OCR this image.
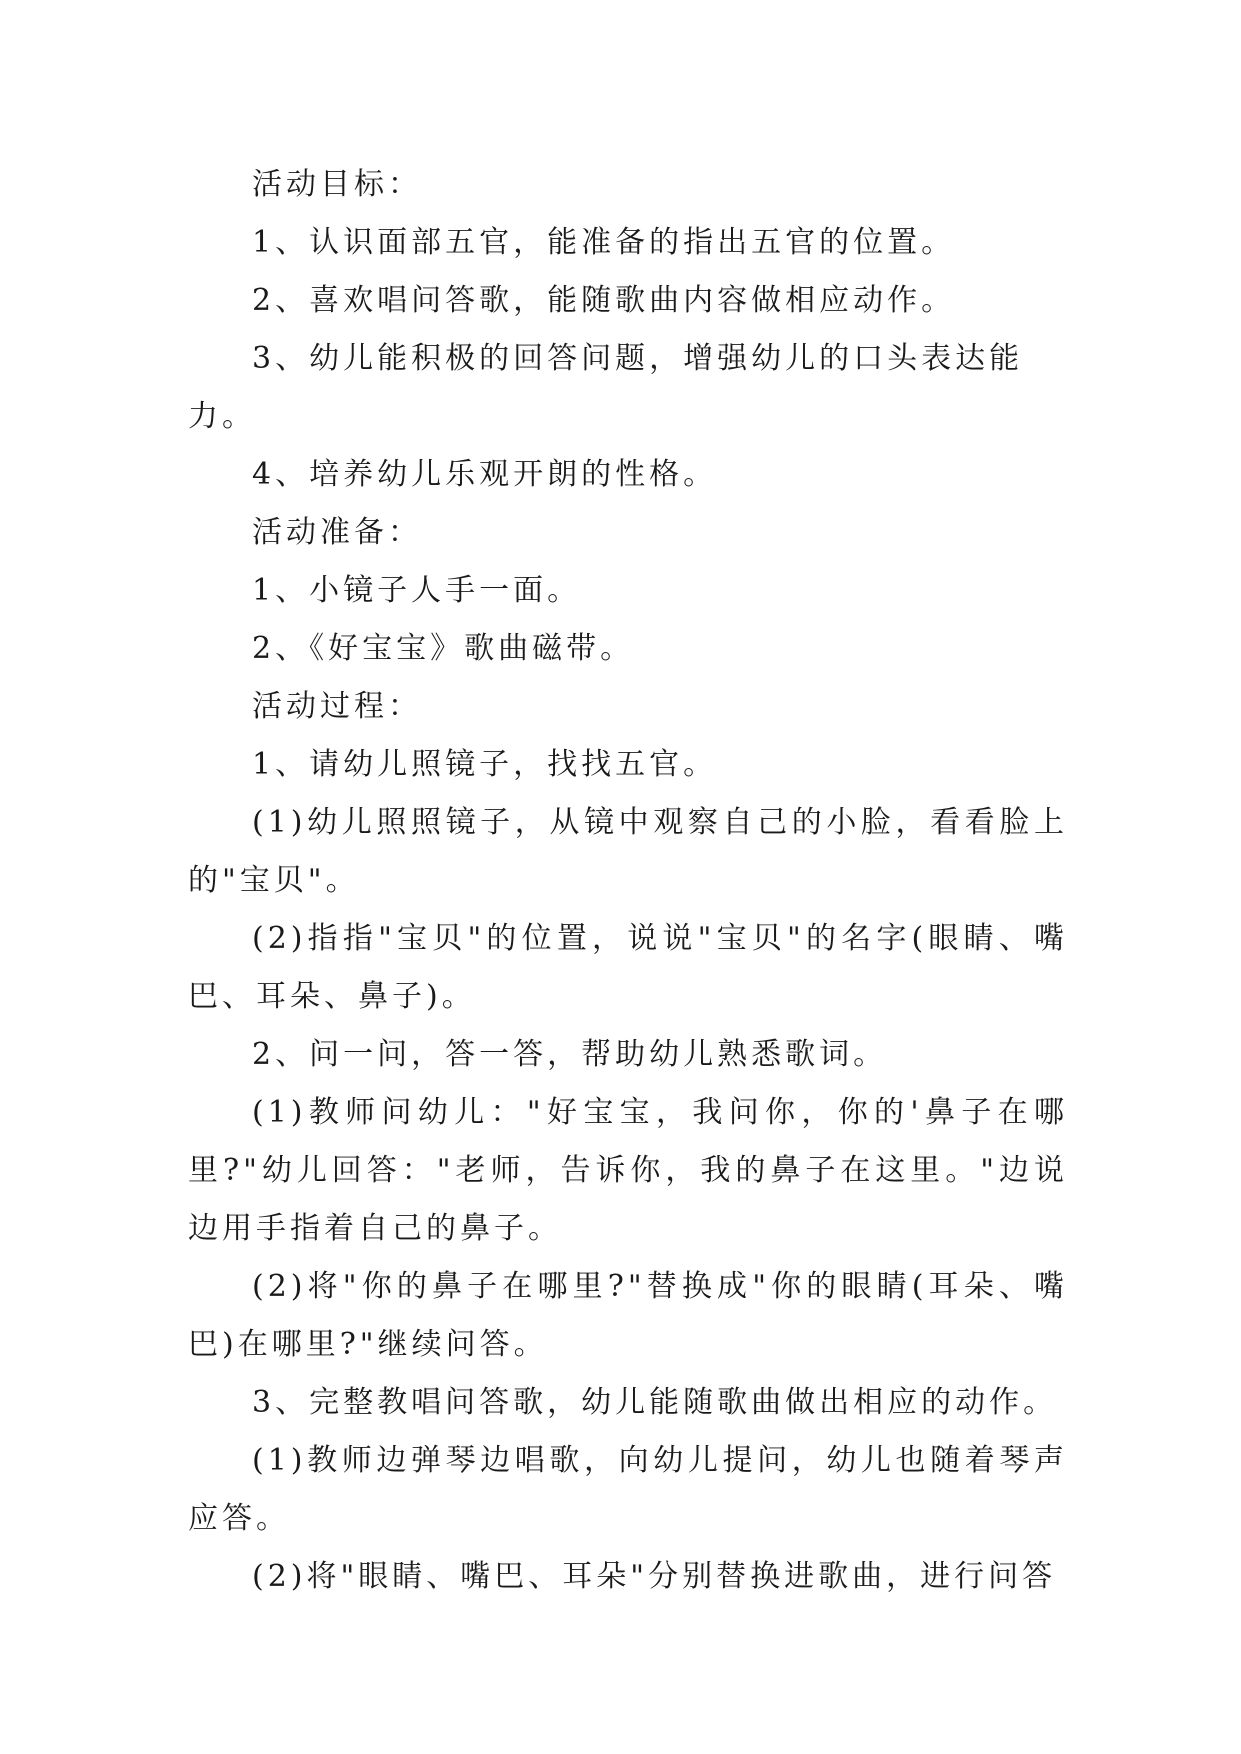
活动目标：

1、认识面部五官，能准备的指出五官的位置。

2、喜欢唱问答歌，能随歌曲内容做相应动作。

3、幼儿能积极的回答问题，增强幼儿的口头表达能力。

4、培养幼儿乐观开朗的性格。

活动准备：

1、小镜子人手一面。

2、《好宝宝》歌曲磁带。

活动过程：

1、请幼儿照镜子，找找五官。

(1)幼儿照照镜子，从镜中观察自己的小脸，看看脸上的"宝贝"。

(2)指指"宝贝"的位置，说说"宝贝"的名字(眼睛、嘴巴、耳朵、鼻子)。

2、问一问，答一答，帮助幼儿熟悉歌词。

(1)教师问幼儿："好宝宝，我问你，你的'鼻子在哪里?"幼儿回答："老师，告诉你，我的鼻子在这里。"边说边用手指着自己的鼻子。

(2)将"你的鼻子在哪里?"替换成"你的眼睛(耳朵、嘴巴)在哪里?"继续问答。

3、完整教唱问答歌，幼儿能随歌曲做出相应的动作。

(1)教师边弹琴边唱歌，向幼儿提问，幼儿也随着琴声应答。

(2)将"眼睛、嘴巴、耳朵"分别替换进歌曲，进行问答
